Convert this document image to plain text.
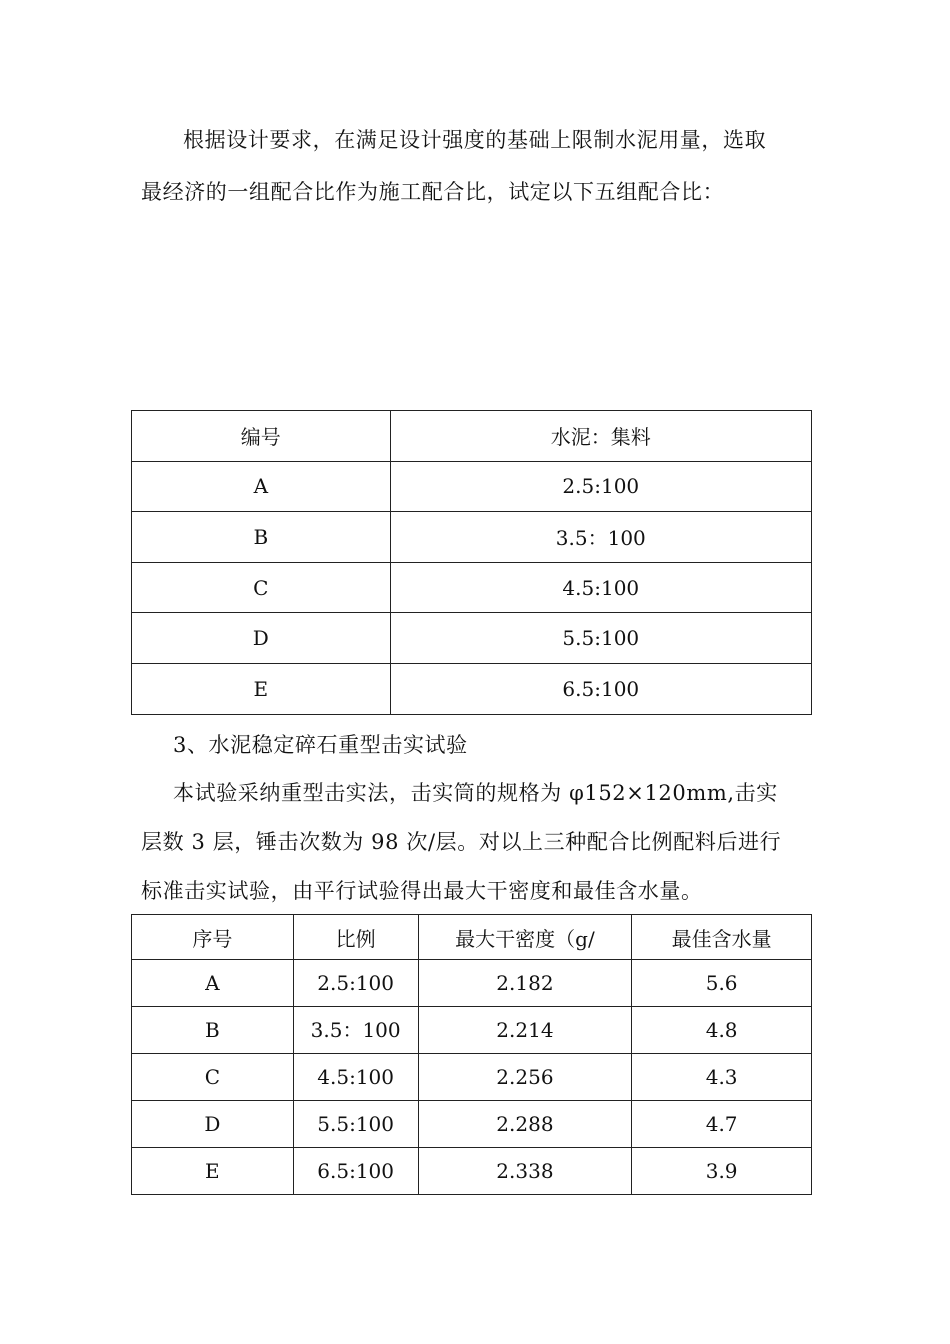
根据设计要求，在满足设计强度的基础上限制水泥用量，选取
最经济的一组配合比作为施工配合比，试定以下五组配合比：
编号	水泥：集料
A	2.5:100
B	3.5：100
C	4.5:100
D	5.5:100
E	6.5:100
3、水泥稳定碎石重型击实试验
本试验采纳重型击实法，击实筒的规格为 φ152×120mm,击实
层数 3 层，锤击次数为 98 次/层。对以上三种配合比例配料后进行
标准击实试验，由平行试验得出最大干密度和最佳含水量。
序号	比例	最大干密度（g/	最佳含水量
A	2.5:100	2.182	5.6
B	3.5：100	2.214	4.8
C	4.5:100	2.256	4.3
D	5.5:100	2.288	4.7
E	6.5:100	2.338	3.9
